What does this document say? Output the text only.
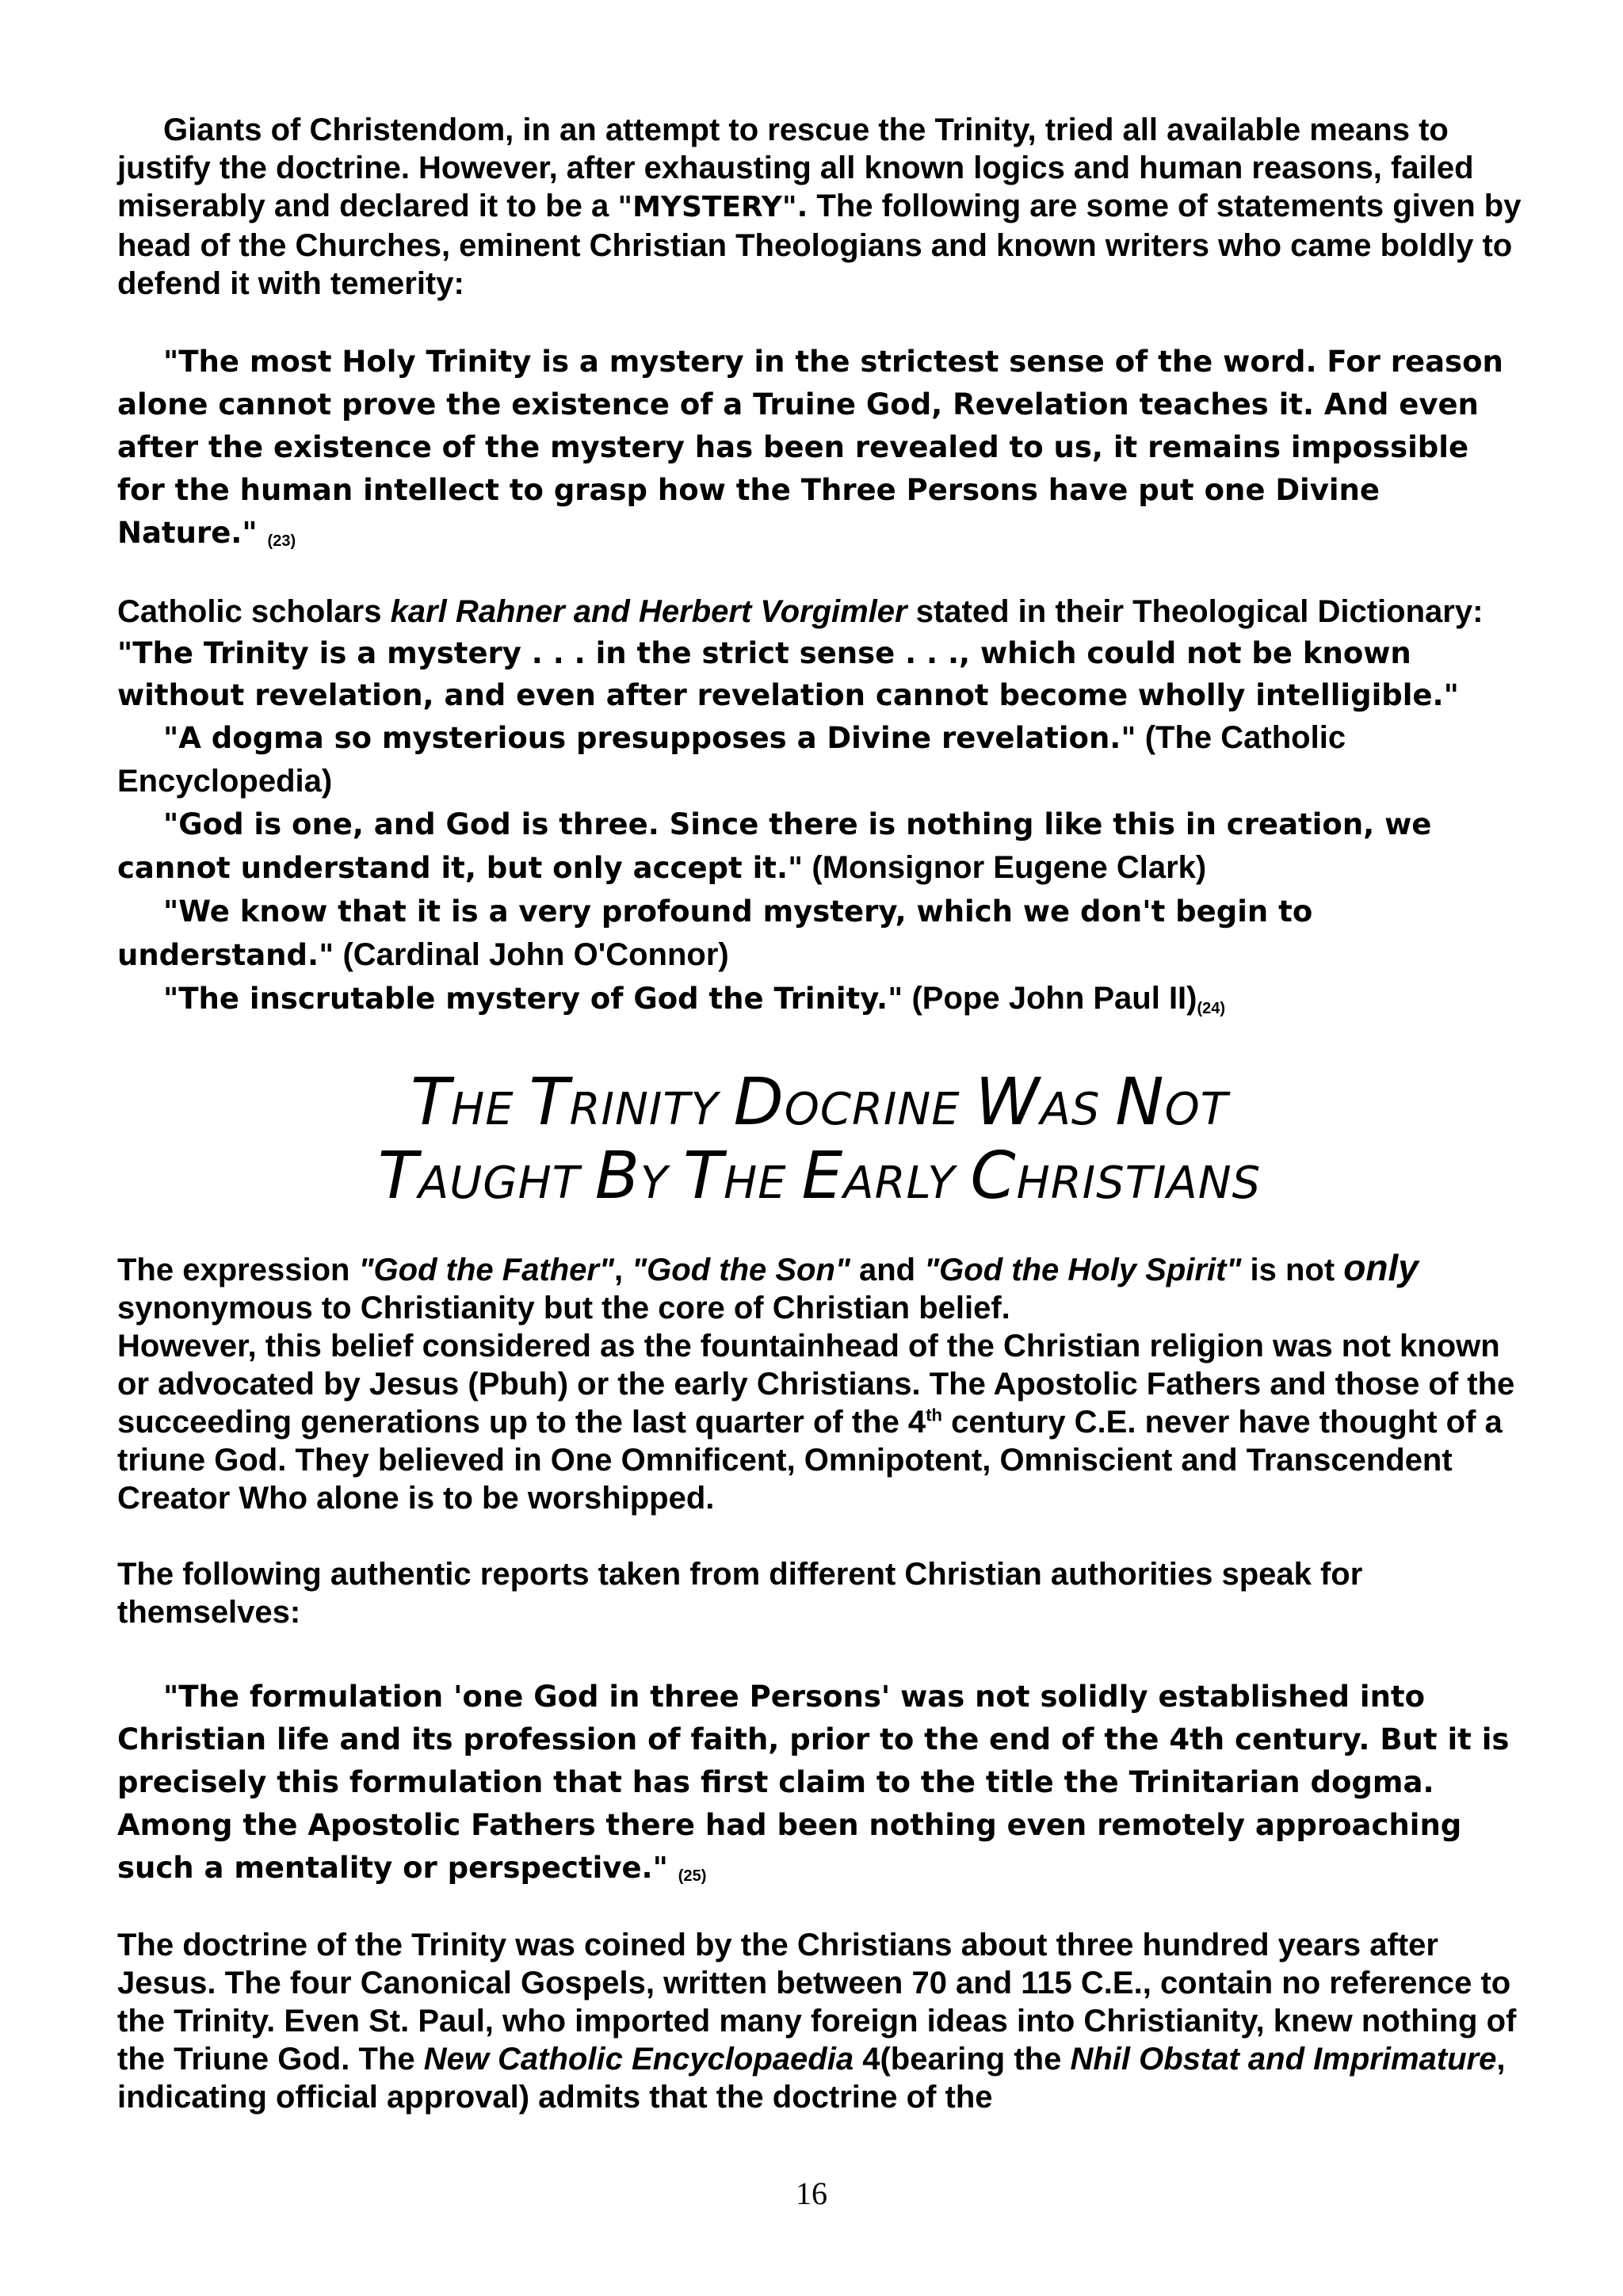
Giants of Christendom, in an attempt to rescue the Trinity, tried all available means to justify the doctrine. However, after exhausting all known logics and human reasons, failed miserably and declared it to be a "MYSTERY". The following are some of statements given by head of the Churches, eminent Christian Theologians and known writers who came boldly to defend it with temerity:

"The most Holy Trinity is a mystery in the strictest sense of the word. For reason alone cannot prove the existence of a Truine God, Revelation teaches it. And even after the existence of the mystery has been revealed to us, it remains impossible for the human intellect to grasp how the Three Persons have put one Divine Nature." (23)

Catholic scholars karl Rahner and Herbert Vorgimler stated in their Theological Dictionary: "The Trinity is a mystery . . . in the strict sense . . ., which could not be known without revelation, and even after revelation cannot become wholly intelligible."

"A dogma so mysterious presupposes a Divine revelation." (The Catholic Encyclopedia)

"God is one, and God is three. Since there is nothing like this in creation, we cannot understand it, but only accept it." (Monsignor Eugene Clark)

"We know that it is a very profound mystery, which we don't begin to understand." (Cardinal John O'Connor)

"The inscrutable mystery of God the Trinity." (Pope John Paul II)(24)

THE TRINITY DOCRINE WAS NOT
TAUGHT BY THE EARLY CHRISTIANS

The expression "God the Father", "God the Son" and "God the Holy Spirit" is not only synonymous to Christianity but the core of Christian belief.

However, this belief considered as the fountainhead of the Christian religion was not known or advocated by Jesus (Pbuh) or the early Christians. The Apostolic Fathers and those of the succeeding generations up to the last quarter of the 4th century C.E. never have thought of a triune God. They believed in One Omnificent, Omnipotent, Omniscient and Transcendent Creator Who alone is to be worshipped.

The following authentic reports taken from different Christian authorities speak for themselves:

"The formulation 'one God in three Persons' was not solidly established into Christian life and its profession of faith, prior to the end of the 4th century. But it is precisely this formulation that has first claim to the title the Trinitarian dogma. Among the Apostolic Fathers there had been nothing even remotely approaching such a mentality or perspective." (25)

The doctrine of the Trinity was coined by the Christians about three hundred years after Jesus. The four Canonical Gospels, written between 70 and 115 C.E., contain no reference to the Trinity. Even St. Paul, who imported many foreign ideas into Christianity, knew nothing of the Triune God. The New Catholic Encyclopaedia 4(bearing the Nhil Obstat and Imprimature, indicating official approval) admits that the doctrine of the

16
